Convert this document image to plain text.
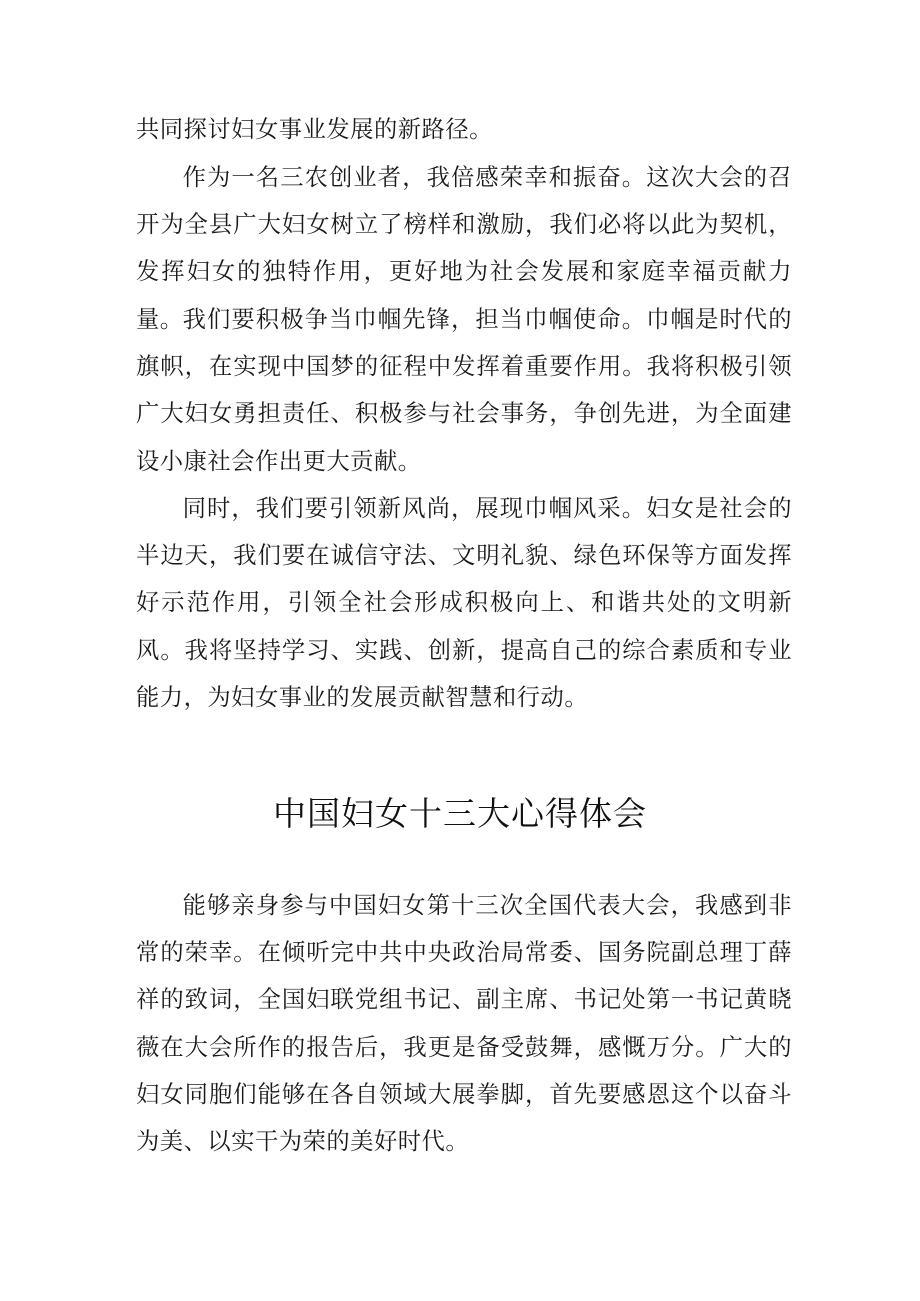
共同探讨妇女事业发展的新路径。

作为一名三农创业者，我倍感荣幸和振奋。这次大会的召开为全县广大妇女树立了榜样和激励，我们必将以此为契机，发挥妇女的独特作用，更好地为社会发展和家庭幸福贡献力量。 我们要积极争当巾帼先锋，担当巾帼使命。巾帼是时代的旗帜，在实现中国梦的征程中发挥着重要作用。我将积极引领广大妇女勇担责任、积极参与社会事务，争创先进，为全面建设小康社会作出更大贡献。

同时，我们要引领新风尚，展现巾帼风采。妇女是社会的半边天，我们要在诚信守法、文明礼貌、绿色环保等方面发挥好示范作用，引领全社会形成积极向上、和谐共处的文明新风。我将坚持学习、实践、创新，提高自己的综合素质和专业能力，为妇女事业的发展贡献智慧和行动。

中国妇女十三大心得体会

能够亲身参与中国妇女第十三次全国代表大会，我感到非常的荣幸。在倾听完中共中央政治局常委、国务院副总理丁薛祥的致词，全国妇联党组书记、副主席、书记处第一书记黄晓薇在大会所作的报告后，我更是备受鼓舞，感慨万分。广大的妇女同胞们能够在各自领域大展拳脚，首先要感恩这个以奋斗为美、以实干为荣的美好时代。
